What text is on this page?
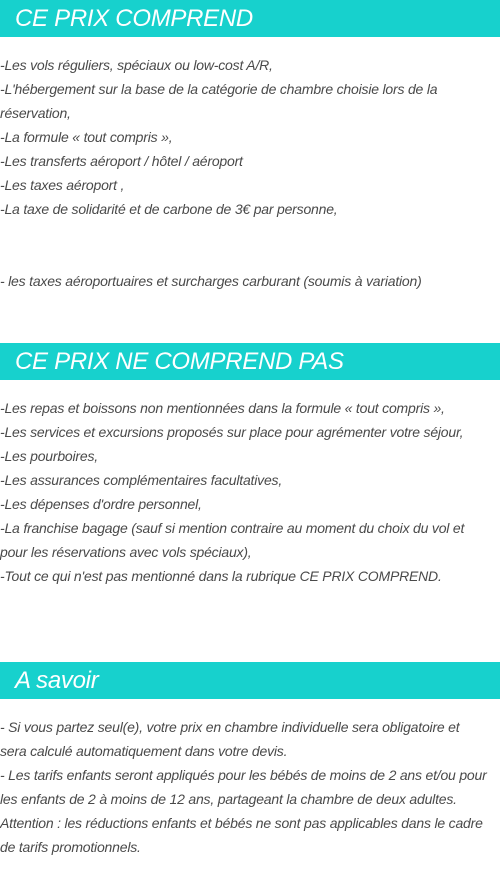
CE PRIX COMPREND
-Les vols réguliers, spéciaux ou low-cost A/R,
-L'hébergement sur la base de la catégorie de chambre choisie lors de la
réservation,
-La formule « tout compris »,
-Les transferts aéroport / hôtel / aéroport
-Les taxes aéroport ,
-La taxe de solidarité et de carbone de 3€ par personne,

- les taxes aéroportuaires et surcharges carburant (soumis à variation)

CE PRIX NE COMPREND PAS
-Les repas et boissons non mentionnées dans la formule « tout compris »,
-Les services et excursions proposés sur place pour agrémenter votre séjour,
-Les pourboires,
-Les assurances complémentaires facultatives,
-Les dépenses d'ordre personnel,
-La franchise bagage (sauf si mention contraire au moment du choix du vol et
pour les réservations avec vols spéciaux),
-Tout ce qui n'est pas mentionné dans la rubrique CE PRIX COMPREND.
A savoir
- Si vous partez seul(e), votre prix en chambre individuelle sera obligatoire et
sera calculé automatiquement dans votre devis.
- Les tarifs enfants seront appliqués pour les bébés de moins de 2 ans et/ou pour
les enfants de 2 à moins de 12 ans, partageant la chambre de deux adultes.
Attention : les réductions enfants et bébés ne sont pas applicables dans le cadre
de tarifs promotionnels.
